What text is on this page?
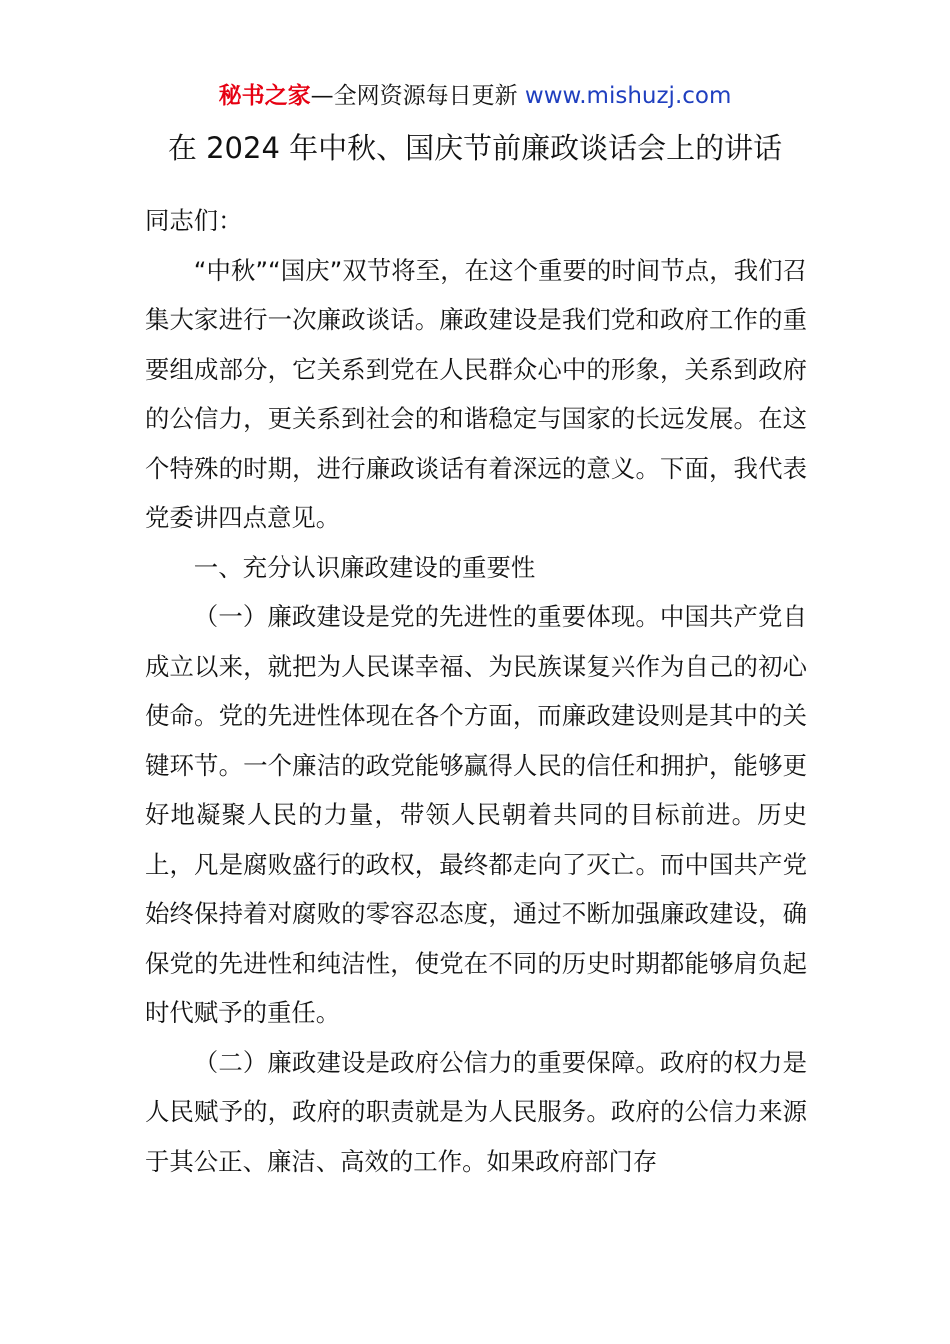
秘书之家—全网资源每日更新 www.mishuzj.com
在 2024 年中秋、国庆节前廉政谈话会上的讲话

同志们：

“中秋”“国庆”双节将至，在这个重要的时间节点，我们召集大家进行一次廉政谈话。廉政建设是我们党和政府工作的重要组成部分，它关系到党在人民群众心中的形象，关系到政府的公信力，更关系到社会的和谐稳定与国家的长远发展。在这个特殊的时期，进行廉政谈话有着深远的意义。下面，我代表党委讲四点意见。

一、充分认识廉政建设的重要性

（一）廉政建设是党的先进性的重要体现。中国共产党自成立以来，就把为人民谋幸福、为民族谋复兴作为自己的初心使命。党的先进性体现在各个方面，而廉政建设则是其中的关键环节。一个廉洁的政党能够赢得人民的信任和拥护，能够更好地凝聚人民的力量，带领人民朝着共同的目标前进。历史上，凡是腐败盛行的政权，最终都走向了灭亡。而中国共产党始终保持着对腐败的零容忍态度，通过不断加强廉政建设，确保党的先进性和纯洁性，使党在不同的历史时期都能够肩负起时代赋予的重任。

（二）廉政建设是政府公信力的重要保障。政府的权力是人民赋予的，政府的职责就是为人民服务。政府的公信力来源于其公正、廉洁、高效的工作。如果政府部门存
